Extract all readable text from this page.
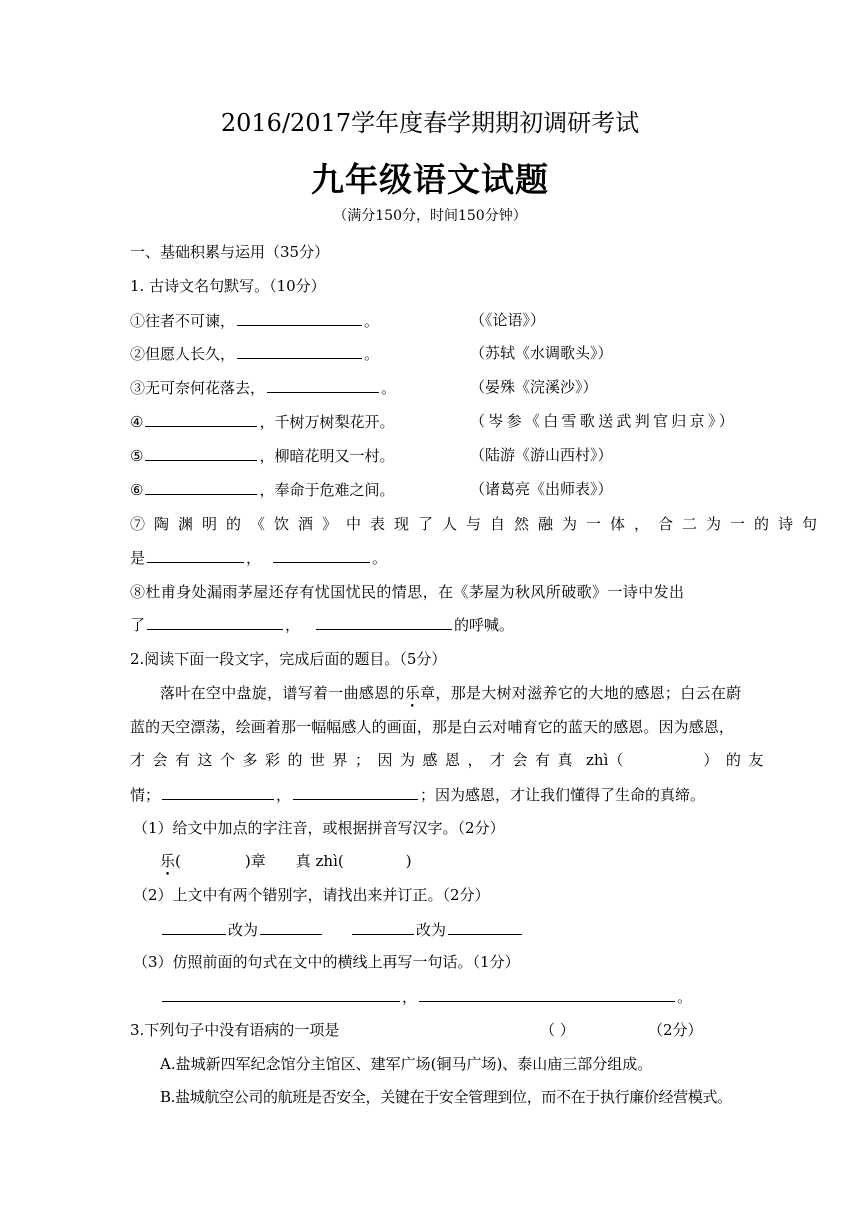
2016/2017学年度春学期期初调研考试
九年级语文试题
（满分150分，时间150分钟）
一、基础积累与运用（35分）
1. 古诗文名句默写。（10分）
①往者不可谏，	。	（《论语》）
②但愿人长久，	。	（苏轼《水调歌头》）
③无可奈何花落去，	。	（晏殊《浣溪沙》）
④	，千树万树梨花开。	（岑参《白雪歌送武判官归京》）
⑤	，柳暗花明又一村。	（陆游《游山西村》）
⑥	，奉命于危难之间。	（诸葛亮《出师表》）
⑦陶渊明的《饮酒》中表现了人与自然融为一体，合二为一的诗句
是	，	。
⑧杜甫身处漏雨茅屋还存有忧国忧民的情思，在《茅屋为秋风所破歌》一诗中发出
了	，	的呼喊。
2.阅读下面一段文字，完成后面的题目。（5分）
落叶在空中盘旋，谱写着一曲感恩的乐章，那是大树对滋养它的大地的感恩；白云在蔚
蓝的天空漂荡，绘画着那一幅幅感人的画面，那是白云对哺育它的蓝天的感恩。因为感恩，
才会有这个多彩的世界；因为感恩，才会有真 zhì（	）的友
情；	，	；因为感恩，才让我们懂得了生命的真缔。
（1）给文中加点的字注音，或根据拼音写汉字。（2分）
乐(	)章 真 zhì(	)
（2）上文中有两个错别字，请找出来并订正。（2分）
改为	改为
（3）仿照前面的句式在文中的横线上再写一句话。（1分）
，	。
3.下列句子中没有语病的一项是	（ ）	（2分）
A.盐城新四军纪念馆分主馆区、建军广场(铜马广场)、泰山庙三部分组成。
B.盐城航空公司的航班是否安全，关键在于安全管理到位，而不在于执行廉价经营模式。
